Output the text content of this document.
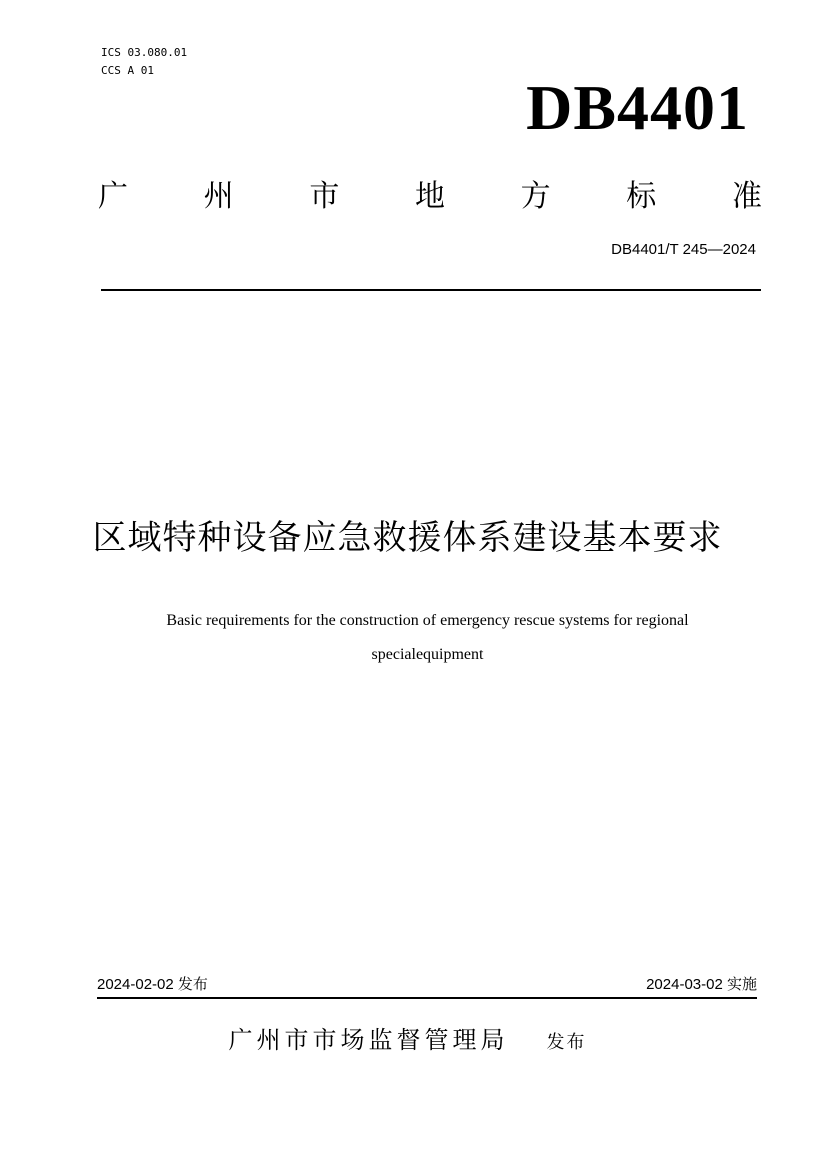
ICS 03.080.01
CCS A 01
DB4401
广	州	市	地	方	标	准
DB4401/T 245—2024
区域特种设备应急救援体系建设基本要求
Basic requirements for the construction of emergency rescue systems for regional
specialequipment
2024-02-02 发布	2024-03-02 实施
广州市市场监督管理局 发布
